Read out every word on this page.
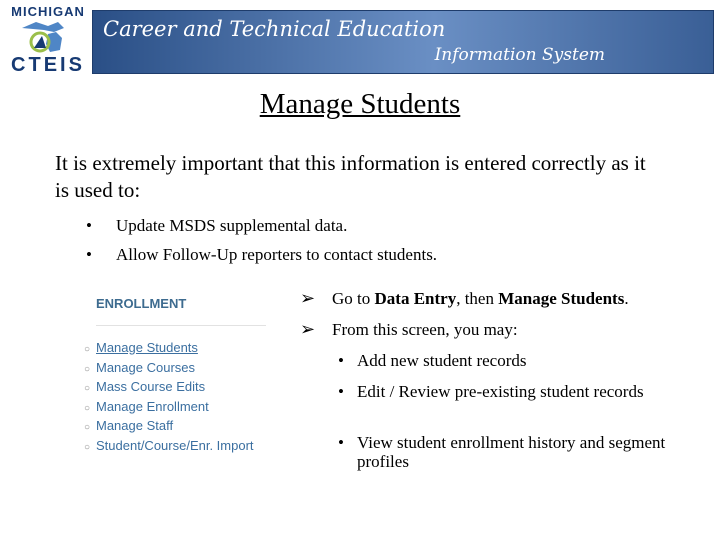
MICHIGAN
CTEIS
Career and Technical Education
Information System
Manage Students
It is extremely important that this information is entered correctly as it is used to:
• Update MSDS supplemental data.
• Allow Follow-Up reporters to contact students.
ENROLLMENT
○ Manage Students
○ Manage Courses
○ Mass Course Edits
○ Manage Enrollment
○ Manage Staff
○ Student/Course/Enr. Import
➢ Go to Data Entry, then Manage Students.
➢ From this screen, you may:
• Add new student records
• Edit / Review pre-existing student records
• View student enrollment history and segment profiles
